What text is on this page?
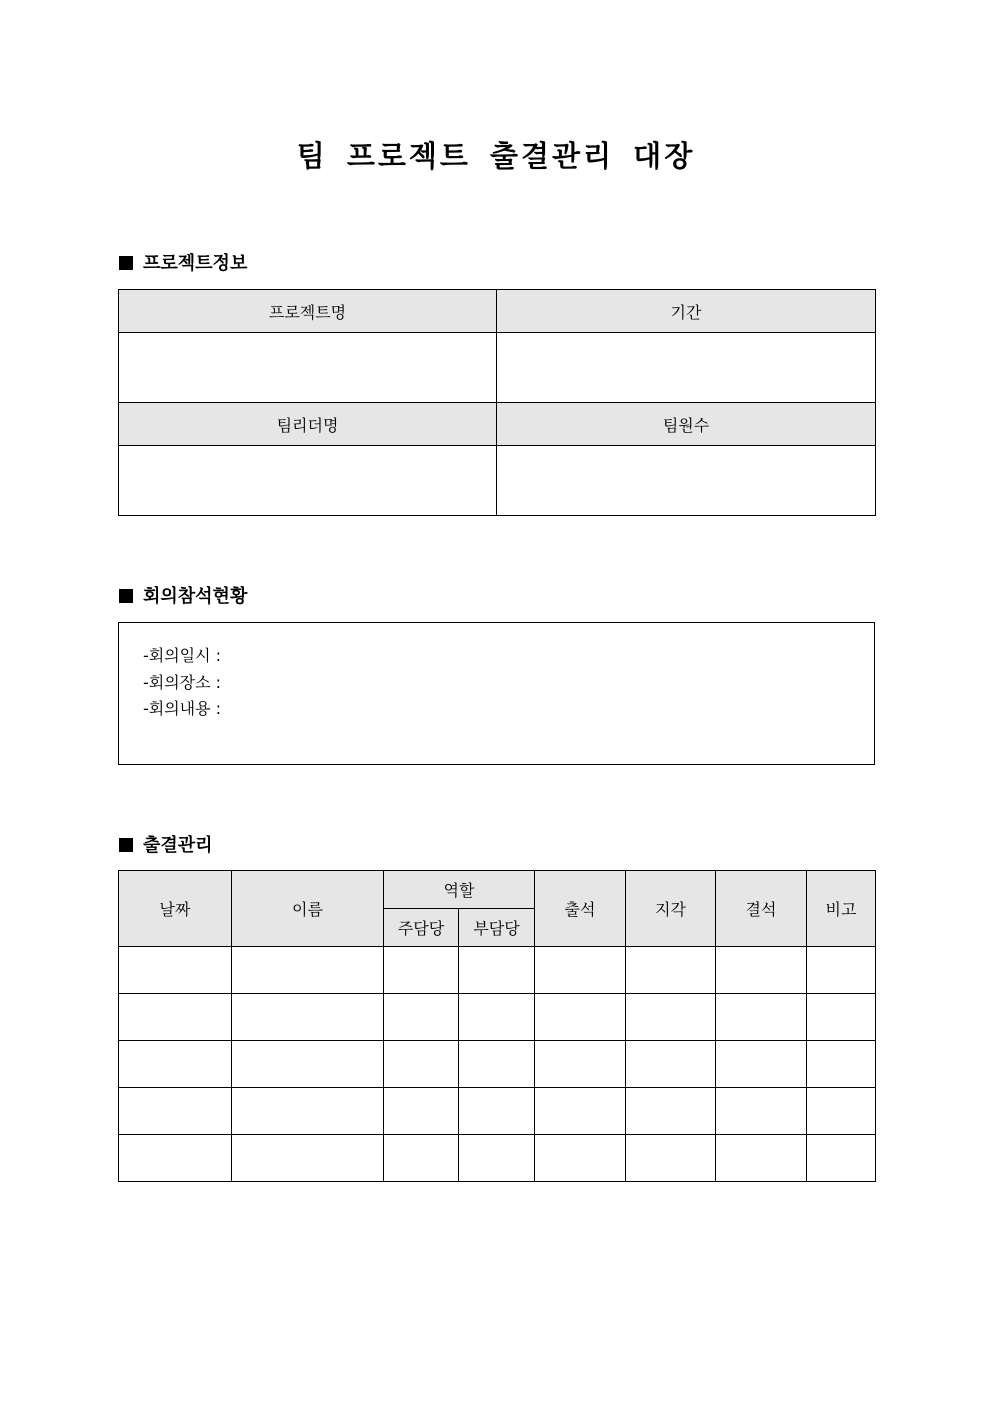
팀 프로젝트 출결관리 대장
프로젝트정보
프로젝트명	기간

팀리더명	팀원수

회의참석현황
-회의일시 :
-회의장소 :
-회의내용 :
출결관리
날짜	이름	역할		출석	지각	결석	비고
		주담당	부담당				
